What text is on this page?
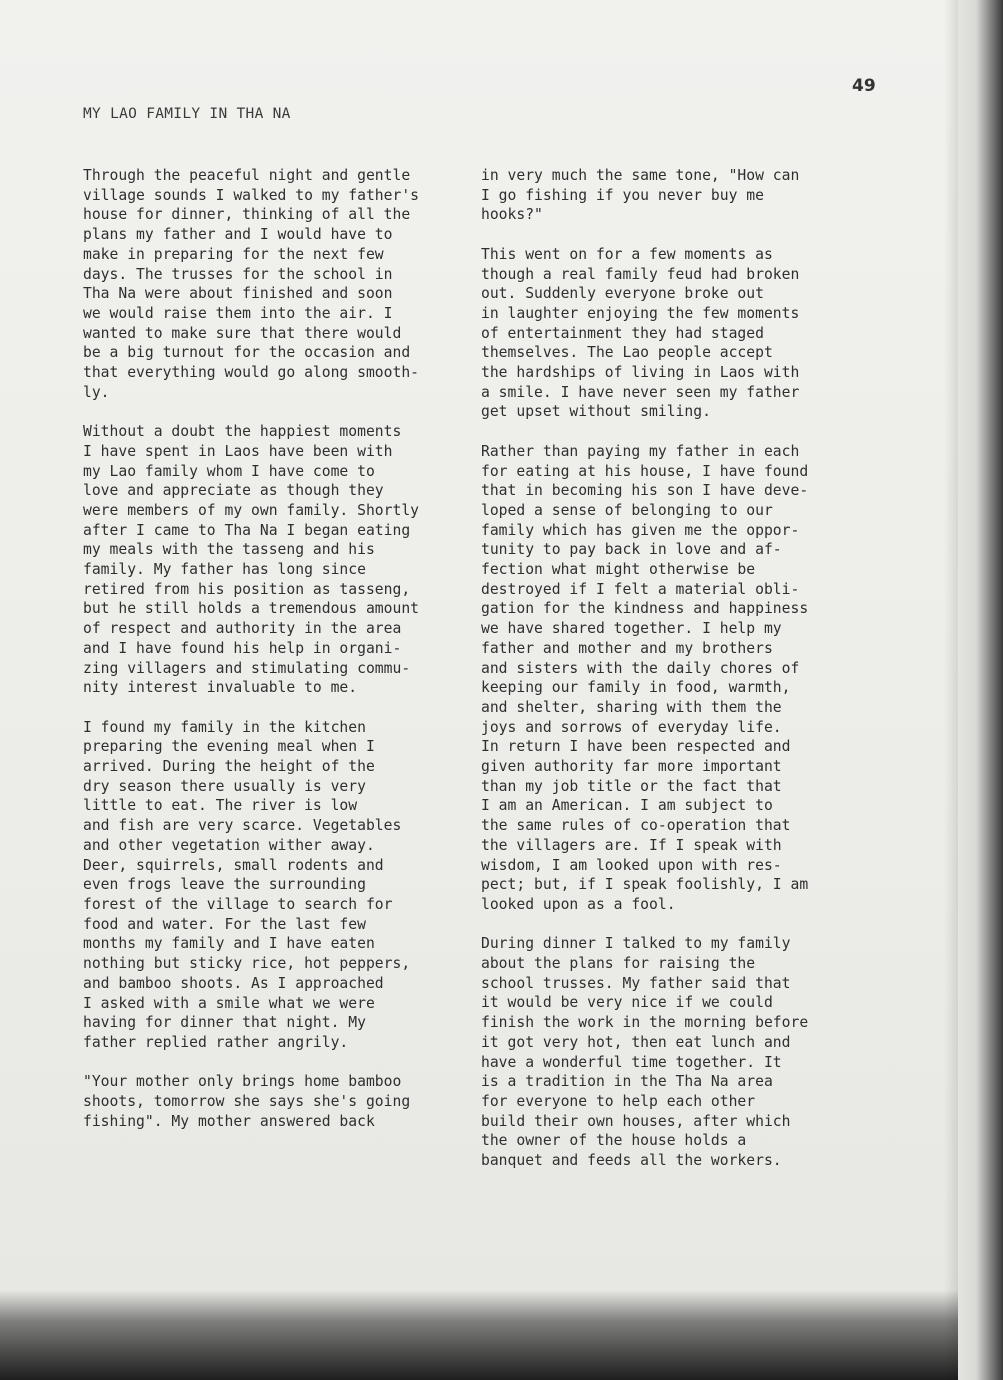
49
MY LAO FAMILY IN THA NA

Through the peaceful night and gentle
village sounds I walked to my father's
house for dinner, thinking of all the
plans my father and I would have to
make in preparing for the next few
days. The trusses for the school in
Tha Na were about finished and soon
we would raise them into the air. I
wanted to make sure that there would
be a big turnout for the occasion and
that everything would go along smooth-
ly.

Without a doubt the happiest moments
I have spent in Laos have been with
my Lao family whom I have come to
love and appreciate as though they
were members of my own family. Shortly
after I came to Tha Na I began eating
my meals with the tasseng and his
family. My father has long since
retired from his position as tasseng,
but he still holds a tremendous amount
of respect and authority in the area
and I have found his help in organi-
zing villagers and stimulating commu-
nity interest invaluable to me.

I found my family in the kitchen
preparing the evening meal when I
arrived. During the height of the
dry season there usually is very
little to eat. The river is low
and fish are very scarce. Vegetables
and other vegetation wither away.
Deer, squirrels, small rodents and
even frogs leave the surrounding
forest of the village to search for
food and water. For the last few
months my family and I have eaten
nothing but sticky rice, hot peppers,
and bamboo shoots. As I approached
I asked with a smile what we were
having for dinner that night. My
father replied rather angrily.

"Your mother only brings home bamboo
shoots, tomorrow she says she's going
fishing". My mother answered back

in very much the same tone, "How can
I go fishing if you never buy me
hooks?"

This went on for a few moments as
though a real family feud had broken
out. Suddenly everyone broke out
in laughter enjoying the few moments
of entertainment they had staged
themselves. The Lao people accept
the hardships of living in Laos with
a smile. I have never seen my father
get upset without smiling.

Rather than paying my father in each
for eating at his house, I have found
that in becoming his son I have deve-
loped a sense of belonging to our
family which has given me the oppor-
tunity to pay back in love and af-
fection what might otherwise be
destroyed if I felt a material obli-
gation for the kindness and happiness
we have shared together. I help my
father and mother and my brothers
and sisters with the daily chores of
keeping our family in food, warmth,
and shelter, sharing with them the
joys and sorrows of everyday life.
In return I have been respected and
given authority far more important
than my job title or the fact that
I am an American. I am subject to
the same rules of co-operation that
the villagers are. If I speak with
wisdom, I am looked upon with res-
pect; but, if I speak foolishly, I am
looked upon as a fool.

During dinner I talked to my family
about the plans for raising the
school trusses. My father said that
it would be very nice if we could
finish the work in the morning before
it got very hot, then eat lunch and
have a wonderful time together. It
is a tradition in the Tha Na area
for everyone to help each other
build their own houses, after which
the owner of the house holds a
banquet and feeds all the workers.
